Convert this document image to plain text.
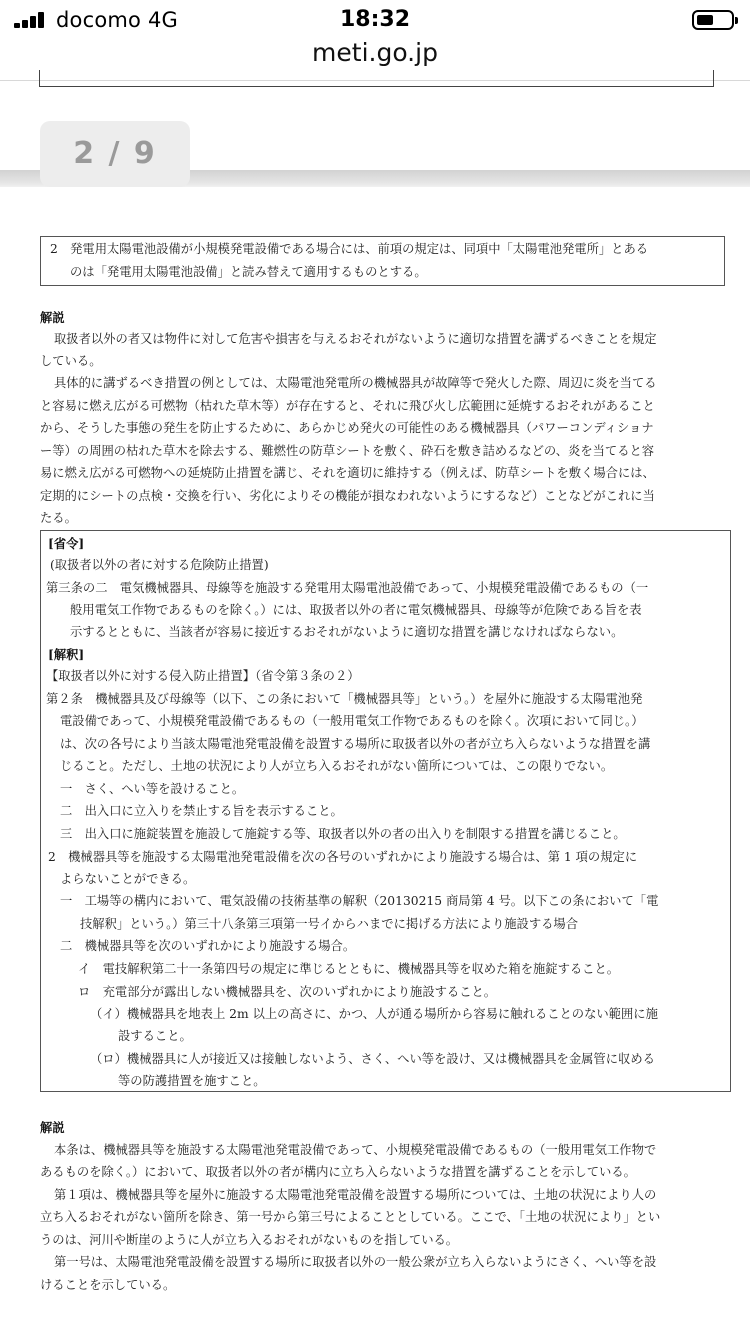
docomo 4G	18:32
meti.go.jp
2 / 9
2　発電用太陽電池設備が小規模発電設備である場合には、前項の規定は、同項中「太陽電池発電所」とある
のは「発電用太陽電池設備」と読み替えて適用するものとする。
解説
取扱者以外の者又は物件に対して危害や損害を与えるおそれがないように適切な措置を講ずるべきことを規定
している。
具体的に講ずるべき措置の例としては、太陽電池発電所の機械器具が故障等で発火した際、周辺に炎を当てる
と容易に燃え広がる可燃物（枯れた草木等）が存在すると、それに飛び火し広範囲に延焼するおそれがあること
から、そうした事態の発生を防止するために、あらかじめ発火の可能性のある機械器具（パワーコンディショナ
ー等）の周囲の枯れた草木を除去する、難燃性の防草シートを敷く、砕石を敷き詰めるなどの、炎を当てると容
易に燃え広がる可燃物への延焼防止措置を講じ、それを適切に維持する（例えば、防草シートを敷く場合には、
定期的にシートの点検・交換を行い、劣化によりその機能が損なわれないようにするなど）ことなどがこれに当
たる。
[省令]
(取扱者以外の者に対する危険防止措置)
第三条の二　電気機械器具、母線等を施設する発電用太陽電池設備であって、小規模発電設備であるもの（一
般用電気工作物であるものを除く。）には、取扱者以外の者に電気機械器具、母線等が危険である旨を表
示するとともに、当該者が容易に接近するおそれがないように適切な措置を講じなければならない。
[解釈]
【取扱者以外に対する侵入防止措置】（省令第３条の２）
第２条　機械器具及び母線等（以下、この条において「機械器具等」という。）を屋外に施設する太陽電池発
電設備であって、小規模発電設備であるもの（一般用電気工作物であるものを除く。次項において同じ。）
は、次の各号により当該太陽電池発電設備を設置する場所に取扱者以外の者が立ち入らないような措置を講
じること。ただし、土地の状況により人が立ち入るおそれがない箇所については、この限りでない。
一　さく、へい等を設けること。
二　出入口に立入りを禁止する旨を表示すること。
三　出入口に施錠装置を施設して施錠する等、取扱者以外の者の出入りを制限する措置を講じること。
2　機械器具等を施設する太陽電池発電設備を次の各号のいずれかにより施設する場合は、第 1 項の規定に
よらないことができる。
一　工場等の構内において、電気設備の技術基準の解釈（20130215 商局第 4 号。以下この条において「電
技解釈」という。）第三十八条第三項第一号イからハまでに掲げる方法により施設する場合
二　機械器具等を次のいずれかにより施設する場合。
イ　電技解釈第二十一条第四号の規定に準じるとともに、機械器具等を収めた箱を施錠すること。
ロ　充電部分が露出しない機械器具を、次のいずれかにより施設すること。
（イ）機械器具を地表上 2m 以上の高さに、かつ、人が通る場所から容易に触れることのない範囲に施
設すること。
（ロ）機械器具に人が接近又は接触しないよう、さく、へい等を設け、又は機械器具を金属管に収める
等の防護措置を施すこと。
解説
本条は、機械器具等を施設する太陽電池発電設備であって、小規模発電設備であるもの（一般用電気工作物で
あるものを除く。）において、取扱者以外の者が構内に立ち入らないような措置を講ずることを示している。
第１項は、機械器具等を屋外に施設する太陽電池発電設備を設置する場所については、土地の状況により人の
立ち入るおそれがない箇所を除き、第一号から第三号によることとしている。ここで、「土地の状況により」とい
うのは、河川や断崖のように人が立ち入るおそれがないものを指している。
第一号は、太陽電池発電設備を設置する場所に取扱者以外の一般公衆が立ち入らないようにさく、へい等を設
けることを示している。
